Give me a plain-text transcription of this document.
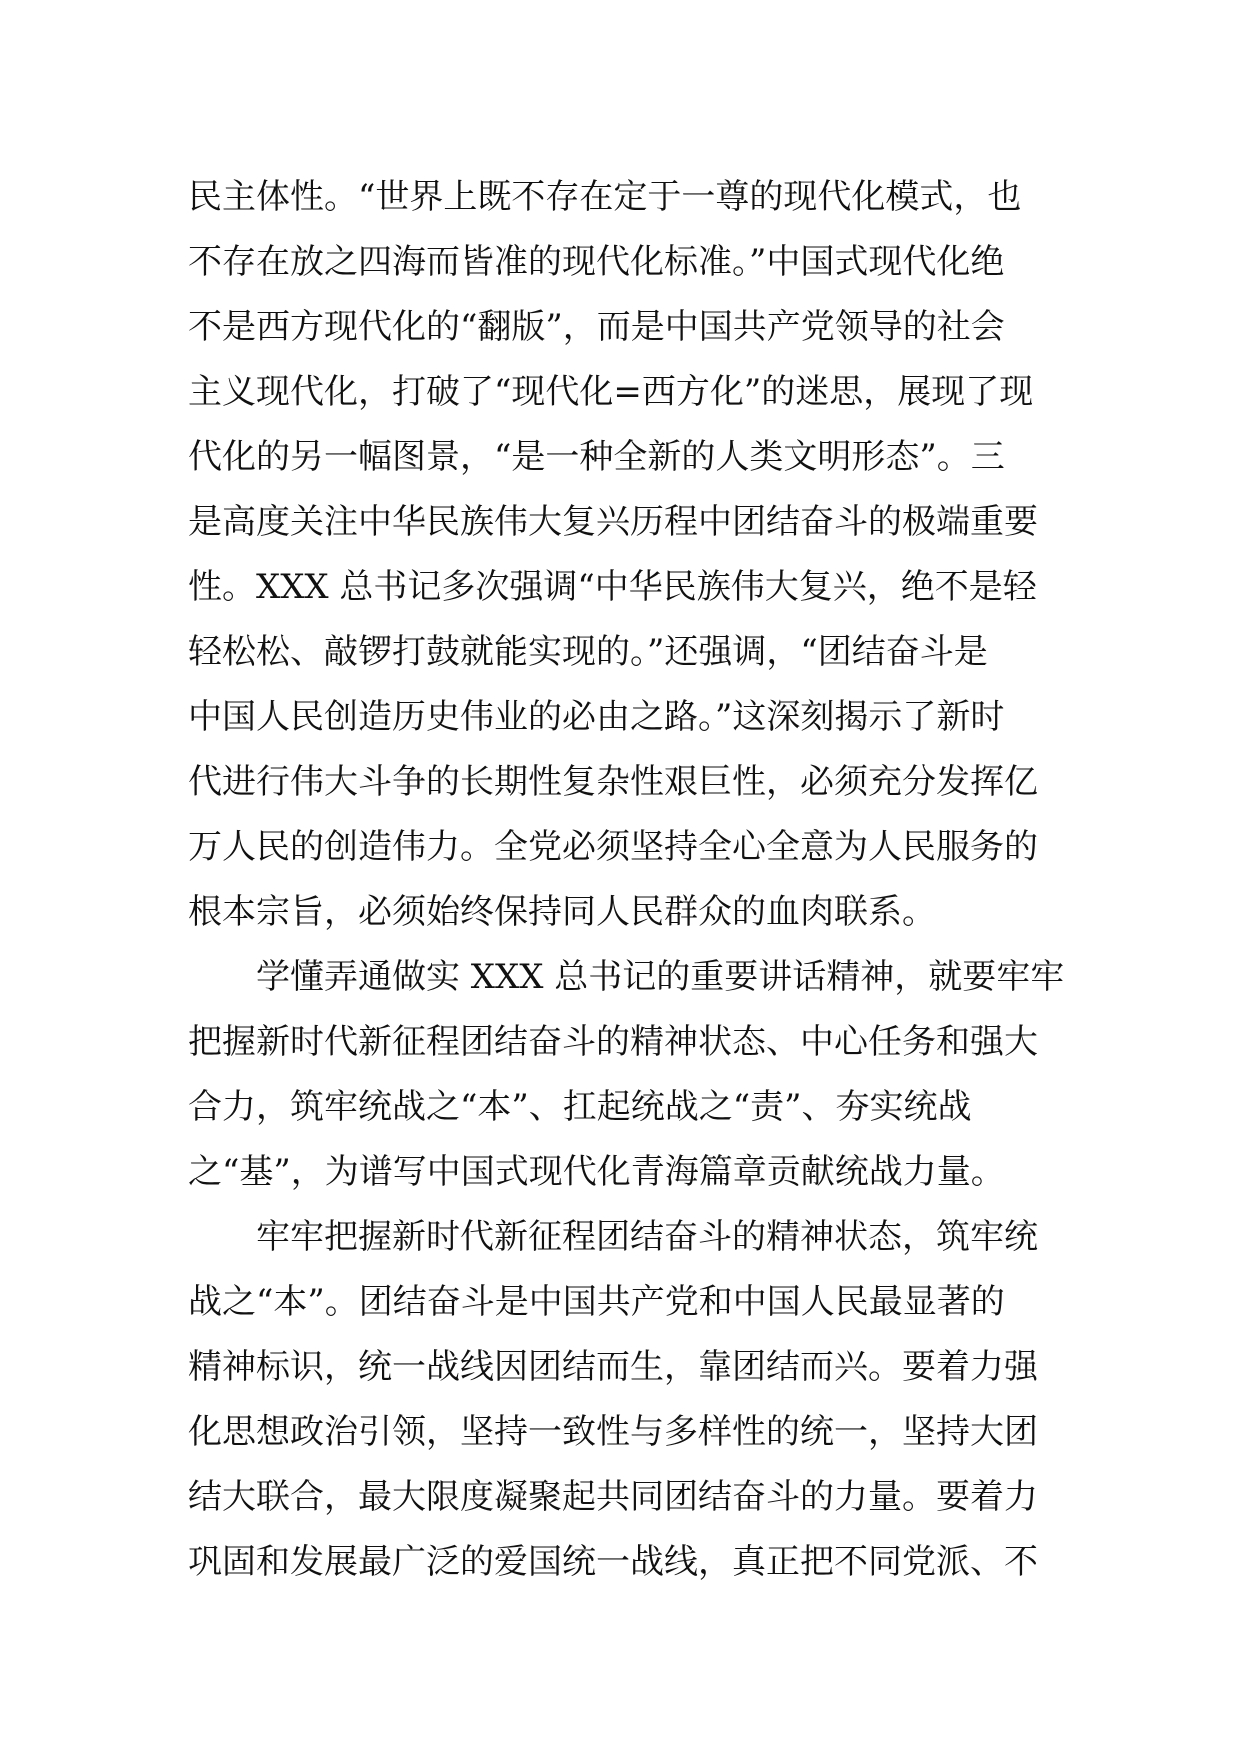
民主体性。“世界上既不存在定于一尊的现代化模式，也
不存在放之四海而皆准的现代化标准。”中国式现代化绝
不是西方现代化的“翻版”，而是中国共产党领导的社会
主义现代化，打破了“现代化=西方化”的迷思，展现了现
代化的另一幅图景，“是一种全新的人类文明形态”。三
是高度关注中华民族伟大复兴历程中团结奋斗的极端重要
性。XXX 总书记多次强调“中华民族伟大复兴，绝不是轻
轻松松、敲锣打鼓就能实现的。”还强调，“团结奋斗是
中国人民创造历史伟业的必由之路。”这深刻揭示了新时
代进行伟大斗争的长期性复杂性艰巨性，必须充分发挥亿
万人民的创造伟力。全党必须坚持全心全意为人民服务的
根本宗旨，必须始终保持同人民群众的血肉联系。
学懂弄通做实 XXX 总书记的重要讲话精神，就要牢牢
把握新时代新征程团结奋斗的精神状态、中心任务和强大
合力，筑牢统战之“本”、扛起统战之“责”、夯实统战
之“基”，为谱写中国式现代化青海篇章贡献统战力量。
牢牢把握新时代新征程团结奋斗的精神状态，筑牢统
战之“本”。团结奋斗是中国共产党和中国人民最显著的
精神标识，统一战线因团结而生，靠团结而兴。要着力强
化思想政治引领，坚持一致性与多样性的统一，坚持大团
结大联合，最大限度凝聚起共同团结奋斗的力量。要着力
巩固和发展最广泛的爱国统一战线，真正把不同党派、不
